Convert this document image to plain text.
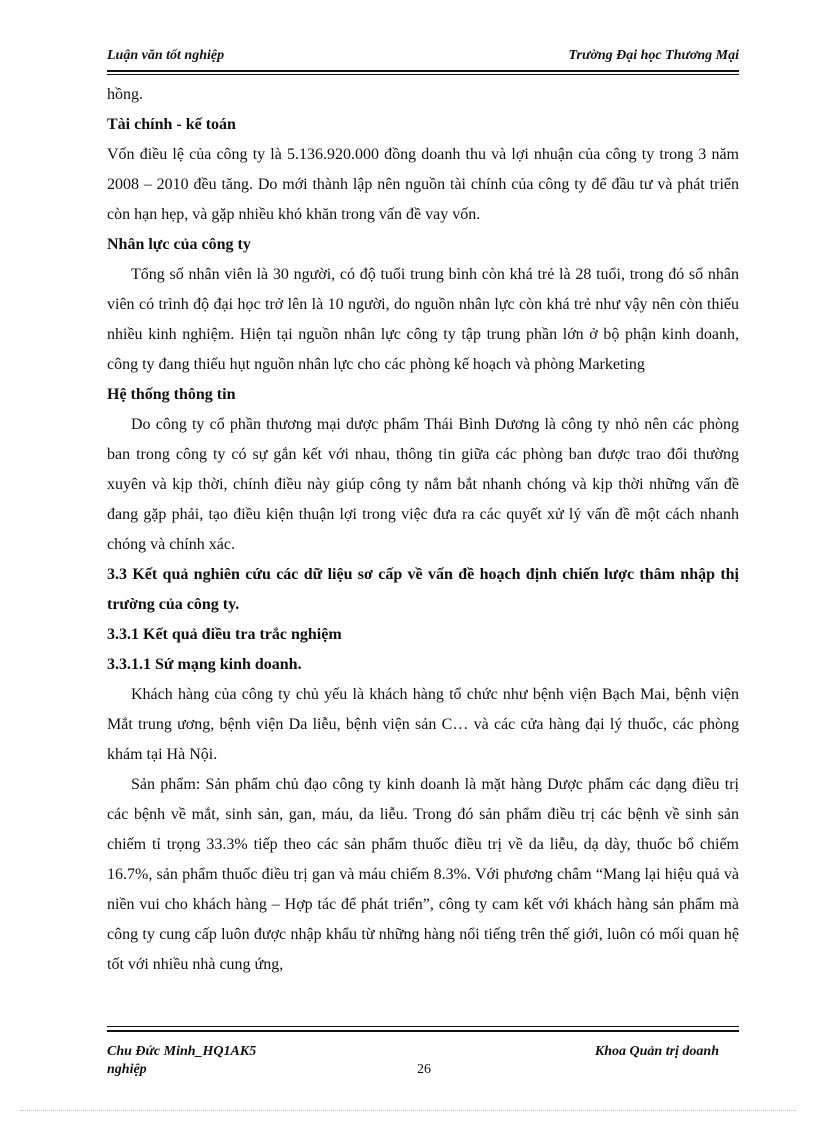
Luận văn tốt nghiệp	Trường Đại học Thương Mại

hồng.

Tài chính - kế toán

Vốn điều lệ của công ty là 5.136.920.000 đồng doanh thu và lợi nhuận của công ty trong 3 năm 2008 – 2010 đều tăng. Do mới thành lập nên nguồn tài chính của công ty để đầu tư và phát triển còn hạn hẹp, và gặp nhiều khó khăn trong vấn đề vay vốn.

Nhân lực của công ty

Tổng số nhân viên là 30 người, có độ tuổi trung bình còn khá trẻ là 28 tuổi, trong đó số nhân viên có trình độ đại học trở lên là 10 người, do nguồn nhân lực còn khá trẻ như vậy nên còn thiếu nhiều kinh nghiệm. Hiện tại nguồn nhân lực công ty tập trung phần lớn ở bộ phận kinh doanh, công ty đang thiếu hụt nguồn nhân lực cho các phòng kế hoạch và phòng Marketing

Hệ thống thông tin

Do công ty cổ phần thương mại dược phẩm Thái Bình Dương là công ty nhỏ nên các phòng ban trong công ty có sự gắn kết với nhau, thông tin giữa các phòng ban được trao đổi thường xuyên và kịp thời, chính điều này giúp công ty nắm bắt nhanh chóng và kịp thời những vấn đề đang gặp phải, tạo điều kiện thuận lợi trong việc đưa ra các quyết xử lý vấn đề một cách nhanh chóng và chính xác.

3.3 Kết quả nghiên cứu các dữ liệu sơ cấp về vấn đề hoạch định chiến lược thâm nhập thị trường của công ty.

3.3.1 Kết quả điều tra trắc nghiệm

3.3.1.1 Sứ mạng kinh doanh.

Khách hàng của công ty chủ yếu là khách hàng tổ chức như bệnh viện Bạch Mai, bệnh viện Mắt trung ương, bệnh viện Da liễu, bệnh viện sản C… và các cửa hàng đại lý thuốc, các phòng khám tại Hà Nội.

Sản phẩm: Sản phẩm chủ đạo công ty kinh doanh là mặt hàng Dược phẩm các dạng điều trị các bệnh về mắt, sinh sản, gan, máu, da liễu. Trong đó sản phẩm điều trị các bệnh về sinh sản chiếm tỉ trọng 33.3% tiếp theo các sản phẩm thuốc điều trị về da liễu, dạ dày, thuốc bổ chiếm 16.7%, sản phẩm thuốc điều trị gan và máu chiếm 8.3%. Với phương châm “Mang lại hiệu quả và niền vui cho khách hàng – Hợp tác để phát triển”, công ty cam kết với khách hàng sản phẩm mà công ty cung cấp luôn được nhập khẩu từ những hàng nổi tiếng trên thế giới, luôn có mối quan hệ tốt với nhiều nhà cung ứng,

Chu Đức Minh_HQ1AK5
nghiệp	26
Khoa Quản trị doanh
